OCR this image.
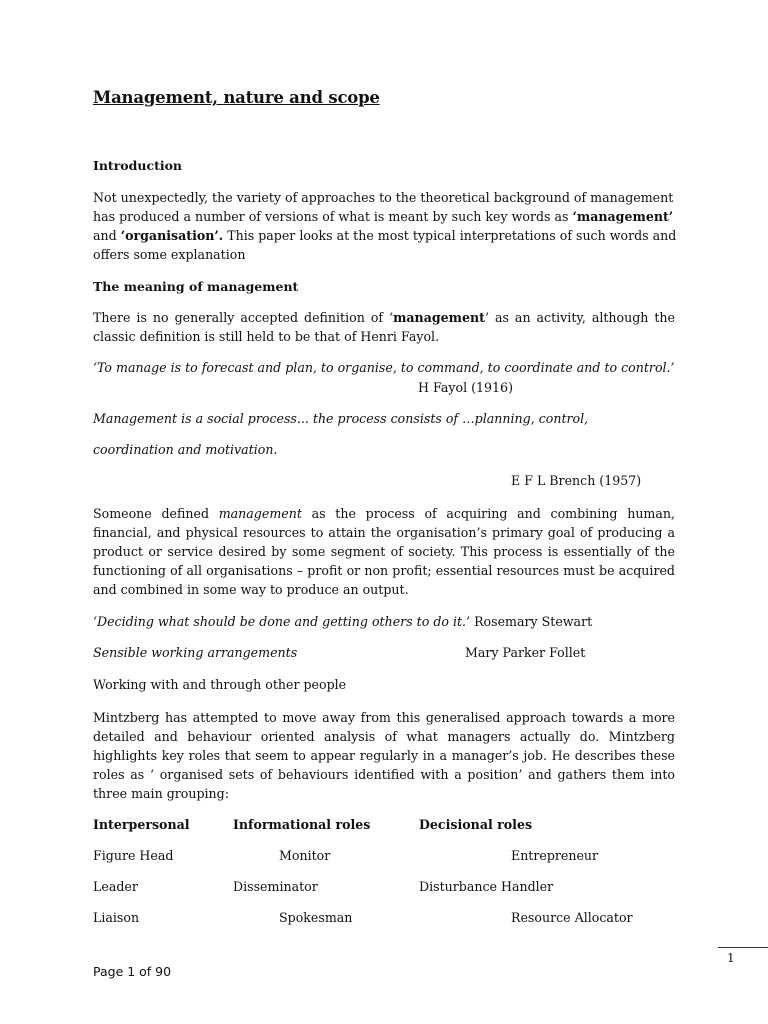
Management, nature and scope
Introduction
Not unexpectedly, the variety of approaches to the theoretical background of management
has produced a number of versions of what is meant by such key words as ‘management’
and ‘organisation’. This paper looks at the most typical interpretations of such words and
offers some explanation
The meaning of management
There is no generally accepted definition of ‘management’ as an activity, although the classic definition is still held to be that of Henri Fayol.
‘To manage is to forecast and plan, to organise, to command, to coordinate and to control.’
H Fayol (1916)
Management is a social process... the process consists of …planning, control,
coordination and motivation.
E F L Brench (1957)
Someone defined management as the process of acquiring and combining human, financial, and physical resources to attain the organisation’s primary goal of producing a product or service desired by some segment of society. This process is essentially of the functioning of all organisations – profit or non profit; essential resources must be acquired and combined in some way to produce an output.
‘Deciding what should be done and getting others to do it.’ Rosemary Stewart
Sensible working arrangements	Mary Parker Follet
Working with and through other people
Mintzberg has attempted to move away from this generalised approach towards a more detailed and behaviour oriented analysis of what managers actually do. Mintzberg highlights key roles that seem to appear regularly in a manager’s job. He describes these roles as ‘ organised sets of behaviours identified with a position’ and gathers them into three main grouping:
Interpersonal	Informational roles	Decisional roles
Figure Head	Monitor	Entrepreneur
Leader	Disseminator	Disturbance Handler
Liaison	Spokesman	Resource Allocator
1
Page 1 of 90
